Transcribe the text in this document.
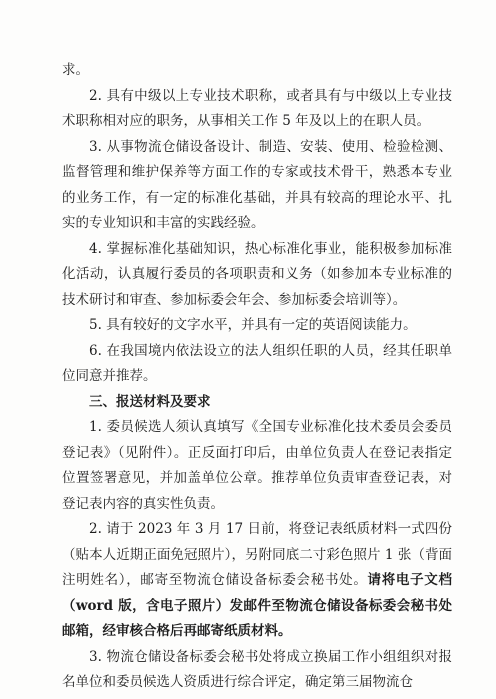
求。

2. 具有中级以上专业技术职称，或者具有与中级以上专业技术职称相对应的职务，从事相关工作 5 年及以上的在职人员。

3. 从事物流仓储设备设计、制造、安装、使用、检验检测、监督管理和维护保养等方面工作的专家或技术骨干，熟悉本专业的业务工作，有一定的标准化基础，并具有较高的理论水平、扎实的专业知识和丰富的实践经验。

4. 掌握标准化基础知识，热心标准化事业，能积极参加标准化活动，认真履行委员的各项职责和义务（如参加本专业标准的技术研讨和审查、参加标委会年会、参加标委会培训等）。

5. 具有较好的文字水平，并具有一定的英语阅读能力。

6. 在我国境内依法设立的法人组织任职的人员，经其任职单位同意并推荐。

三、报送材料及要求

1. 委员候选人须认真填写《全国专业标准化技术委员会委员登记表》（见附件）。正反面打印后，由单位负责人在登记表指定位置签署意见，并加盖单位公章。推荐单位负责审查登记表，对登记表内容的真实性负责。

2. 请于 2023 年 3 月 17 日前，将登记表纸质材料一式四份（贴本人近期正面免冠照片），另附同底二寸彩色照片 1 张（背面注明姓名），邮寄至物流仓储设备标委会秘书处。请将电子文档（word 版，含电子照片）发邮件至物流仓储设备标委会秘书处邮箱，经审核合格后再邮寄纸质材料。

3. 物流仓储设备标委会秘书处将成立换届工作小组组织对报名单位和委员候选人资质进行综合评定，确定第三届物流仓
